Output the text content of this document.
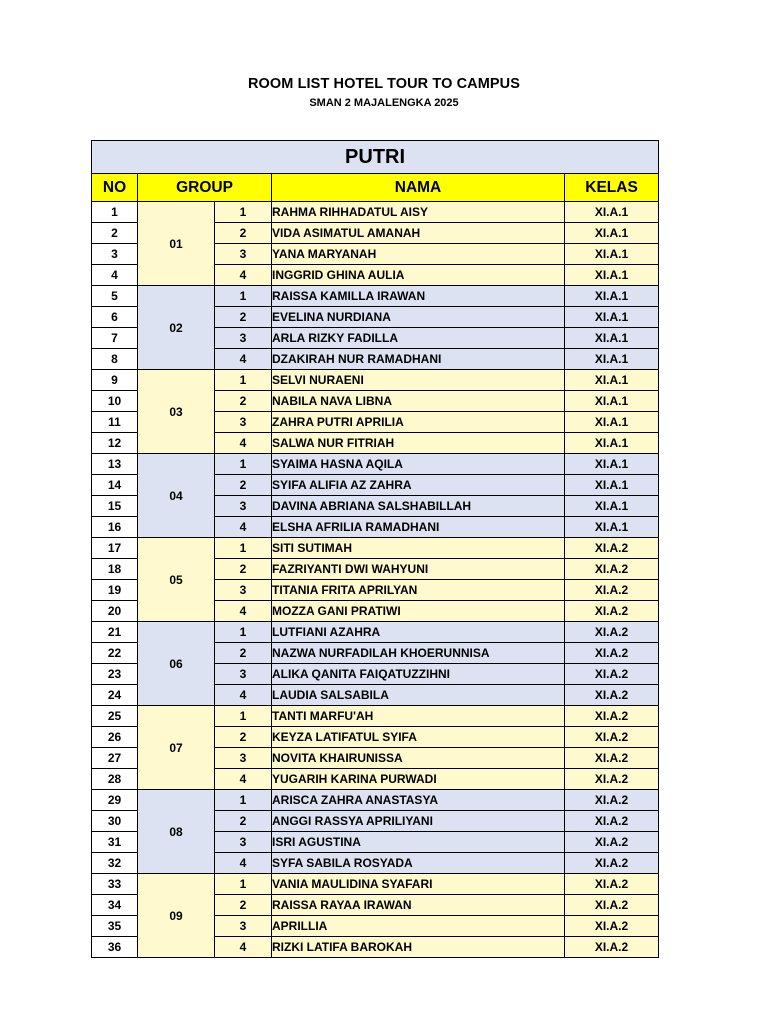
ROOM LIST HOTEL TOUR TO CAMPUS
SMAN 2 MAJALENGKA 2025
PUTRI				
NO	GROUP		NAMA	KELAS
1	01	1	RAHMA RIHHADATUL AISY	XI.A.1
2		2	VIDA ASIMATUL AMANAH	XI.A.1
3		3	YANA MARYANAH	XI.A.1
4		4	INGGRID GHINA AULIA	XI.A.1
5	02	1	RAISSA KAMILLA IRAWAN	XI.A.1
6		2	EVELINA NURDIANA	XI.A.1
7		3	ARLA RIZKY FADILLA	XI.A.1
8		4	DZAKIRAH NUR RAMADHANI	XI.A.1
9	03	1	SELVI NURAENI	XI.A.1
10		2	NABILA NAVA LIBNA	XI.A.1
11		3	ZAHRA PUTRI APRILIA	XI.A.1
12		4	SALWA NUR FITRIAH	XI.A.1
13	04	1	SYAIMA HASNA AQILA	XI.A.1
14		2	SYIFA ALIFIA AZ ZAHRA	XI.A.1
15		3	DAVINA ABRIANA SALSHABILLAH	XI.A.1
16		4	ELSHA AFRILIA RAMADHANI	XI.A.1
17	05	1	SITI SUTIMAH	XI.A.2
18		2	FAZRIYANTI DWI WAHYUNI	XI.A.2
19		3	TITANIA FRITA APRILYAN	XI.A.2
20		4	MOZZA GANI PRATIWI	XI.A.2
21	06	1	LUTFIANI AZAHRA	XI.A.2
22		2	NAZWA NURFADILAH KHOERUNNISA	XI.A.2
23		3	ALIKA QANITA FAIQATUZZIHNI	XI.A.2
24		4	LAUDIA SALSABILA	XI.A.2
25	07	1	TANTI MARFU'AH	XI.A.2
26		2	KEYZA LATIFATUL SYIFA	XI.A.2
27		3	NOVITA KHAIRUNISSA	XI.A.2
28		4	YUGARIH KARINA PURWADI	XI.A.2
29	08	1	ARISCA ZAHRA ANASTASYA	XI.A.2
30		2	ANGGI RASSYA APRILIYANI	XI.A.2
31		3	ISRI AGUSTINA	XI.A.2
32		4	SYFA SABILA ROSYADA	XI.A.2
33	09	1	VANIA MAULIDINA SYAFARI	XI.A.2
34		2	RAISSA RAYAA IRAWAN	XI.A.2
35		3	APRILLIA	XI.A.2
36		4	RIZKI LATIFA BAROKAH	XI.A.2
